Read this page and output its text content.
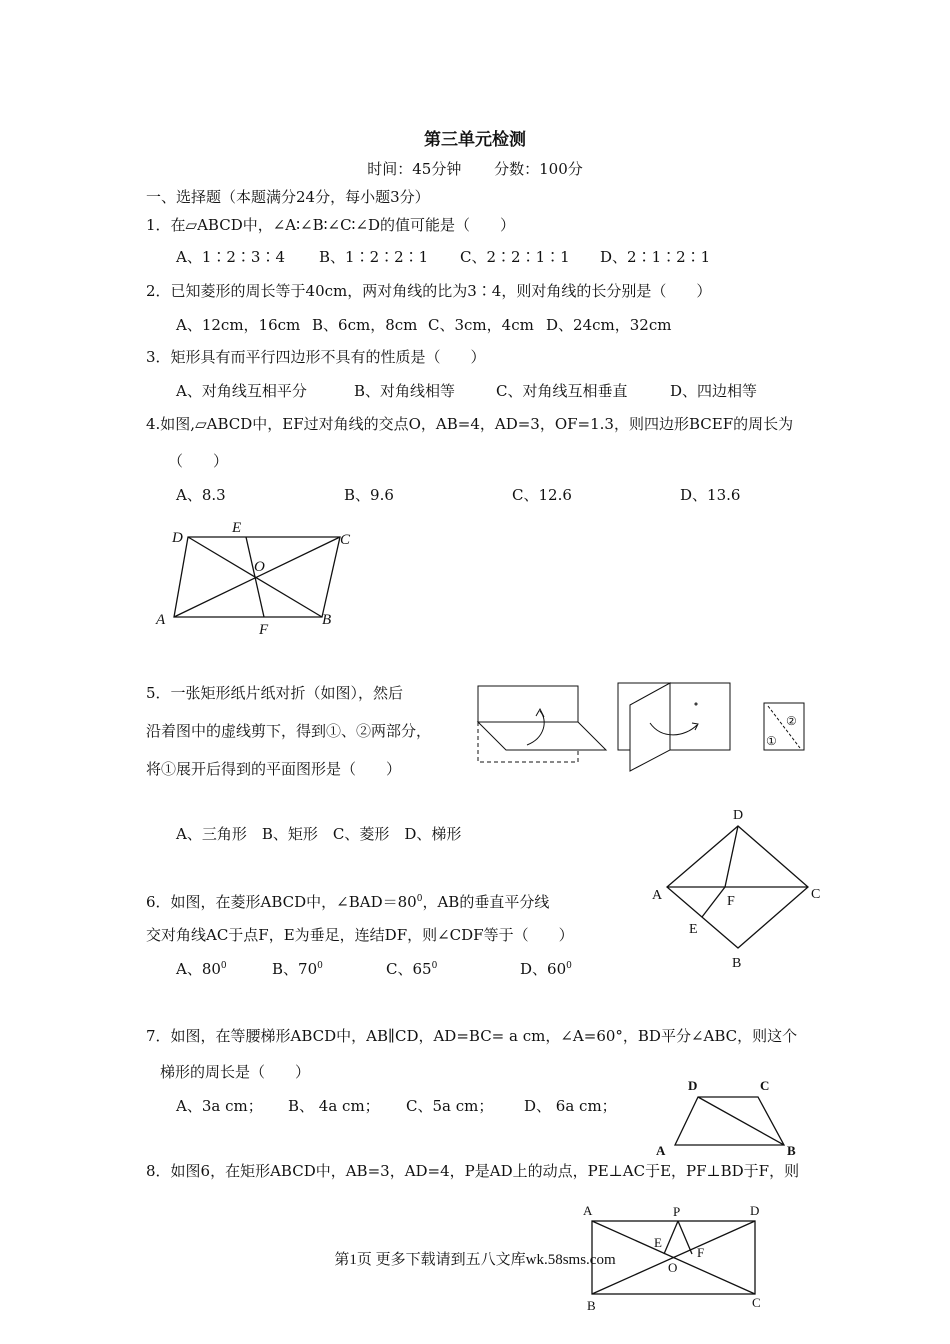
第三单元检测
时间：45分钟 分数：100分
一、选择题（本题满分24分，每小题3分）
1．在▱ABCD中，∠A∶∠B∶∠C∶∠D的值可能是（　　）
A、1∶2∶3∶4 B、1∶2∶2∶1 C、2∶2∶1∶1 D、2∶1∶2∶1
2．已知菱形的周长等于40cm，两对角线的比为3∶4，则对角线的长分别是（　　）
A、12cm，16cm B、6cm，8cm C、3cm，4cm D、24cm，32cm
3．矩形具有而平行四边形不具有的性质是（　　）
A、对角线互相平分	B、对角线相等	C、对角线互相垂直	D、四边相等
4.如图,▱ABCD中，EF过对角线的交点O，AB=4，AD=3，OF=1.3，则四边形BCEF的周长为
（　　）
A、8.3	B、9.6	C、12.6	D、13.6
D
E
C
O
A
F
B
5．一张矩形纸片纸对折（如图），然后
沿着图中的虚线剪下，得到①、②两部分，
将①展开后得到的平面图形是（　　）
A、三角形　B、矩形　C、菱形　D、梯形
②
①
6．如图，在菱形ABCD中，$\angle BAD=80^0$，AB的垂直平分线
交对角线AC于点F，E为垂足，连结DF，则∠CDF等于（　　）
A、$80^0$	B、$70^0$	C、$65^0$	D、$60^0$
D
A	F	C
E
B
7．如图，在等腰梯形ABCD中，AB∥CD，AD=BC= a cm，∠A=60°，BD平分∠ABC，则这个
梯形的周长是（　　）
A、3a cm； B、 4a cm； C、5a cm； D、 6a cm；
D	C
A	B
8．如图6，在矩形ABCD中，AB=3，AD=4，P是AD上的动点，PE⊥AC于E，PF⊥BD于F，则
A	P	D
E
F
O
B	C
第1页 更多下载请到五八文库wk.58sms.com
